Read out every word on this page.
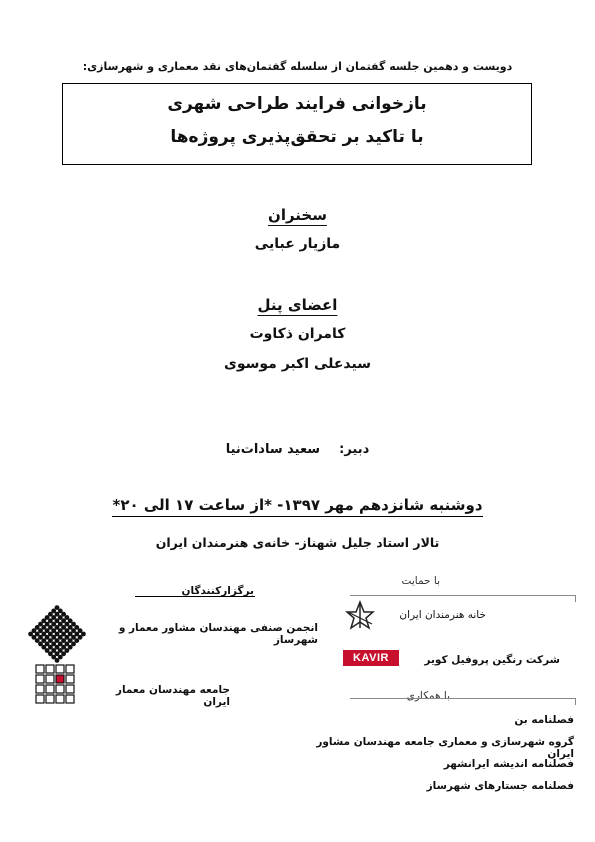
دویست و دهمین جلسه گفتمان از سلسله گفتمان‌های نقد معماری و شهرسازی:
بازخوانی فرایند طراحی شهری
با تاکید بر تحقق‌پذیری پروژه‌ها
سخنران
مازیار عبایی
اعضای پنل
کامران ذکاوت
سیدعلی اکبر موسوی
دبیر:  سعید سادات‌نیا
دوشنبه شانزدهم مهر ۱۳۹۷- *از ساعت ۱۷ الی ۲۰*
تالار استاد جلیل شهناز- خانه‌ی هنرمندان ایران
برگزارکنندگان
انجمن صنفی مهندسان مشاور معمار و شهرساز
جامعه مهندسان معمار ایران
با حمایت
خانه هنرمندان ایران
KAVIR	شرکت رنگین پروفیل کویر
با همکاری
فصلنامه بن
گروه شهرسازی و معماری جامعه مهندسان مشاور ایران
فصلنامه اندیشه ایرانشهر
فصلنامه جستارهای شهرساز
